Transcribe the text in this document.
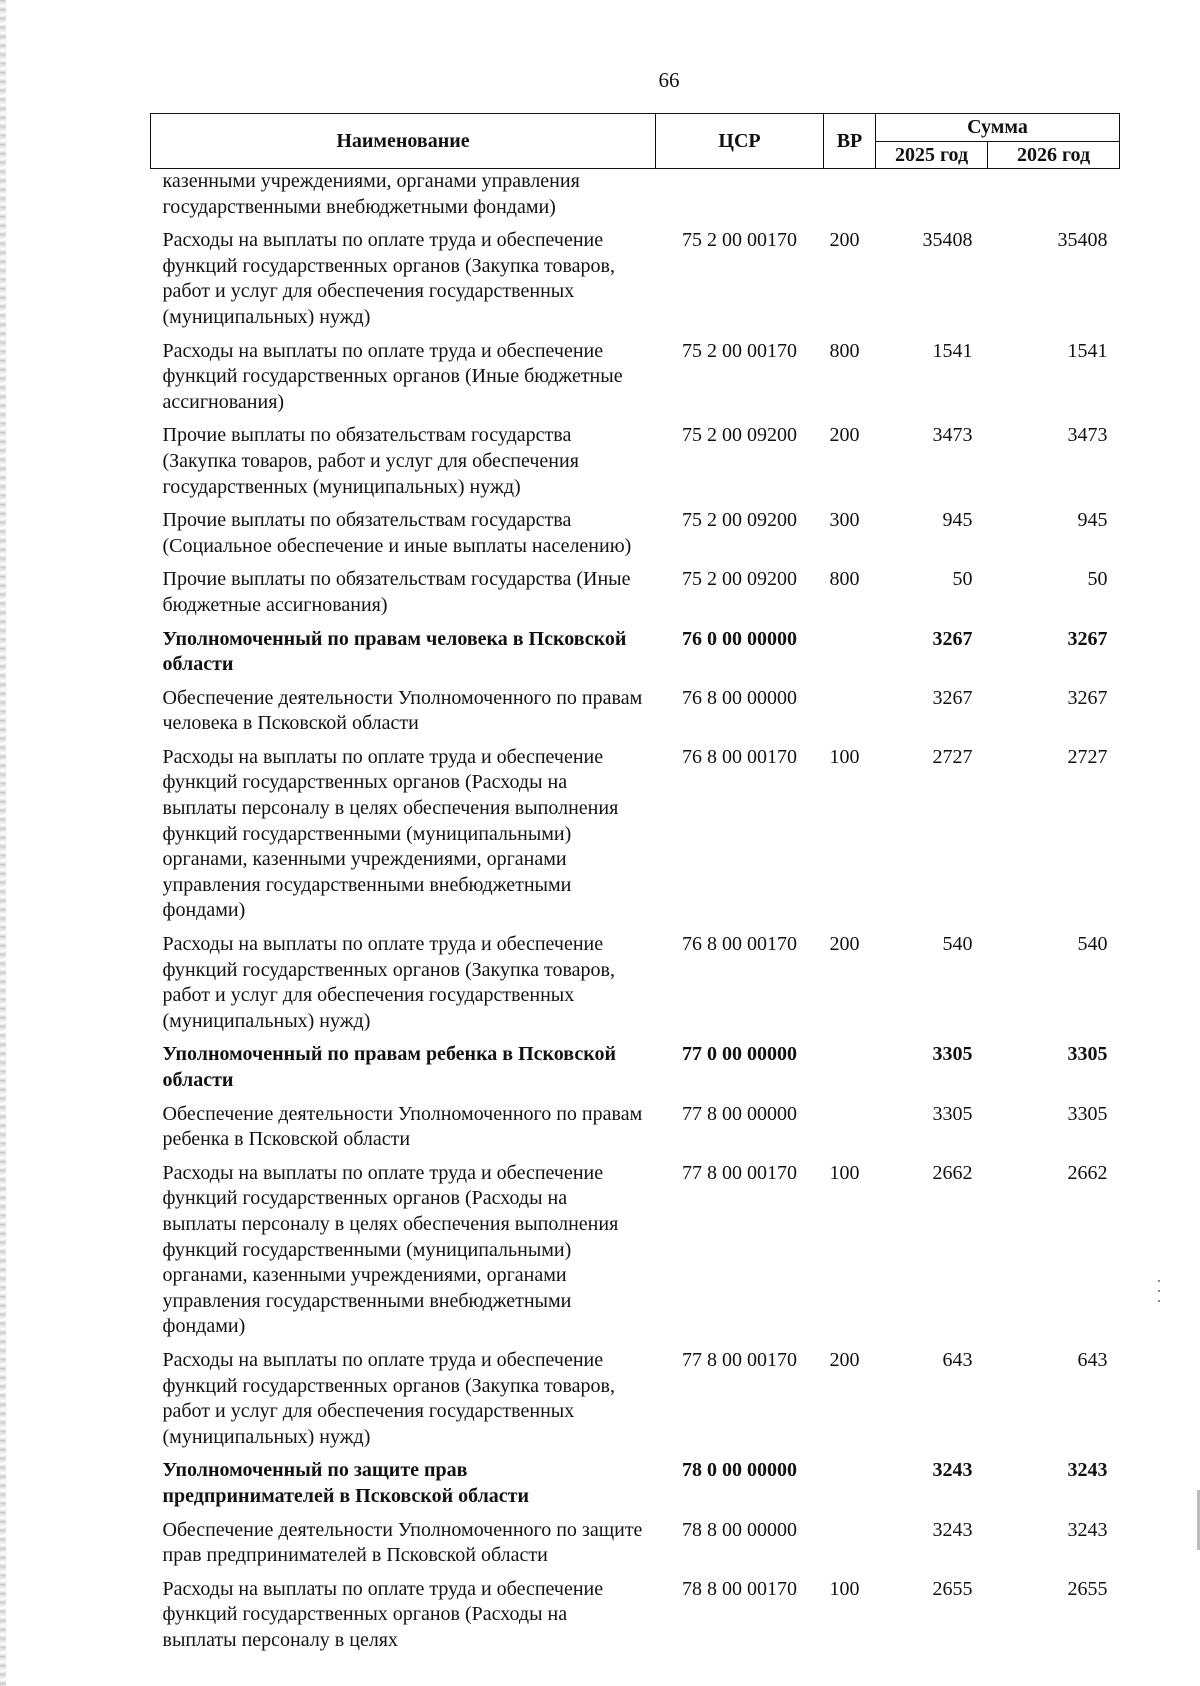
66
Наименование	ЦСР	ВР	Сумма	
			2025 год	2026 год
казенными учреждениями, органами управления государственными внебюджетными фондами)				
Расходы на выплаты по оплате труда и обеспечение функций государственных органов (Закупка товаров, работ и услуг для обеспечения государственных (муниципальных) нужд)	75 2 00 00170	200	35408	35408
Расходы на выплаты по оплате труда и обеспечение функций государственных органов (Иные бюджетные ассигнования)	75 2 00 00170	800	1541	1541
Прочие выплаты по обязательствам государства (Закупка товаров, работ и услуг для обеспечения государственных (муниципальных) нужд)	75 2 00 09200	200	3473	3473
Прочие выплаты по обязательствам государства (Социальное обеспечение и иные выплаты населению)	75 2 00 09200	300	945	945
Прочие выплаты по обязательствам государства (Иные бюджетные ассигнования)	75 2 00 09200	800	50	50
Уполномоченный по правам человека в Псковской области	76 0 00 00000		3267	3267
Обеспечение деятельности Уполномоченного по правам человека в Псковской области	76 8 00 00000		3267	3267
Расходы на выплаты по оплате труда и обеспечение функций государственных органов (Расходы на выплаты персоналу в целях обеспечения выполнения функций государственными (муниципальными) органами, казенными учреждениями, органами управления государственными внебюджетными фондами)	76 8 00 00170	100	2727	2727
Расходы на выплаты по оплате труда и обеспечение функций государственных органов (Закупка товаров, работ и услуг для обеспечения государственных (муниципальных) нужд)	76 8 00 00170	200	540	540
Уполномоченный по правам ребенка в Псковской области	77 0 00 00000		3305	3305
Обеспечение деятельности Уполномоченного по правам ребенка в Псковской области	77 8 00 00000		3305	3305
Расходы на выплаты по оплате труда и обеспечение функций государственных органов (Расходы на выплаты персоналу в целях обеспечения выполнения функций государственными (муниципальными) органами, казенными учреждениями, органами управления государственными внебюджетными фондами)	77 8 00 00170	100	2662	2662
Расходы на выплаты по оплате труда и обеспечение функций государственных органов (Закупка товаров, работ и услуг для обеспечения государственных (муниципальных) нужд)	77 8 00 00170	200	643	643
Уполномоченный по защите прав предпринимателей в Псковской области	78 0 00 00000		3243	3243
Обеспечение деятельности Уполномоченного по защите прав предпринимателей в Псковской области	78 8 00 00000		3243	3243
Расходы на выплаты по оплате труда и обеспечение функций государственных органов (Расходы на выплаты персоналу в целях	78 8 00 00170	100	2655	2655
